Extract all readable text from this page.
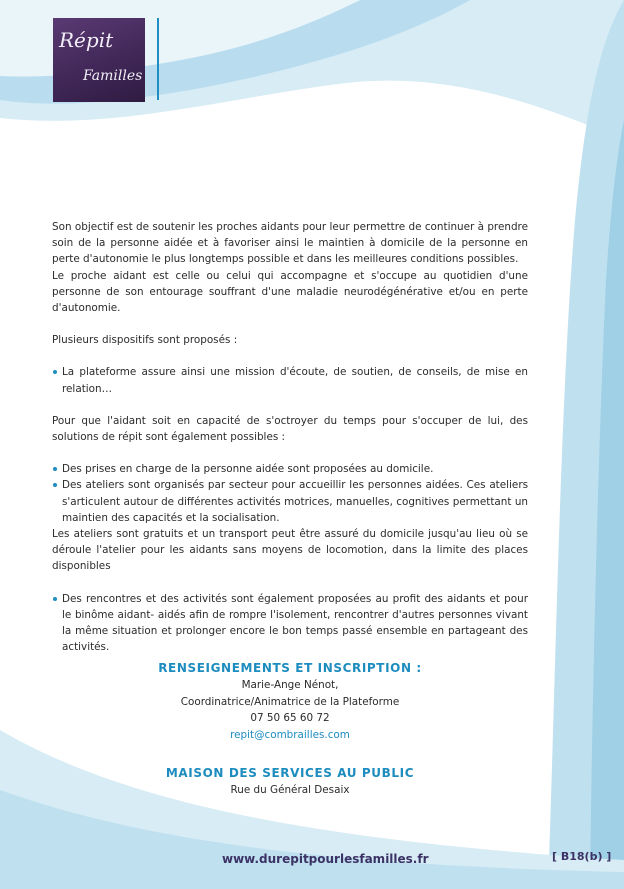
Répit
Familles

Son objectif est de soutenir les proches aidants pour leur permettre de continuer à prendre soin de la personne aidée et à favoriser ainsi le maintien à domicile de la personne en perte d'autonomie le plus longtemps possible et dans les meilleures conditions possibles.

Le proche aidant est celle ou celui qui accompagne et s'occupe au quotidien d'une personne de son entourage souffrant d'une maladie neurodégénérative et/ou en perte d'autonomie.

Plusieurs dispositifs sont proposés :

La plateforme assure ainsi une mission d'écoute, de soutien, de conseils, de mise en relation…

Pour que l'aidant soit en capacité de s'octroyer du temps pour s'occuper de lui, des solutions de répit sont également possibles :

Des prises en charge de la personne aidée sont proposées au domicile.

Des ateliers sont organisés par secteur pour accueillir les personnes aidées. Ces ateliers s'articulent autour de différentes activités motrices, manuelles, cognitives permettant un maintien des capacités et la socialisation.

Les ateliers sont gratuits et un transport peut être assuré du domicile jusqu'au lieu où se déroule l'atelier pour les aidants sans moyens de locomotion, dans la limite des places disponibles

Des rencontres et des activités sont également proposées au profit des aidants et pour le binôme aidant- aidés afin de rompre l'isolement, rencontrer d'autres personnes vivant la même situation et prolonger encore le bon temps passé ensemble en partageant des activités.

RENSEIGNEMENTS ET INSCRIPTION :
Marie-Ange Nénot,
Coordinatrice/Animatrice de la Plateforme
07 50 65 60 72
repit@combrailles.com
MAISON DES SERVICES AU PUBLIC
Rue du Général Desaix
www.durepitpourlesfamilles.fr	[ B18(b) ]
